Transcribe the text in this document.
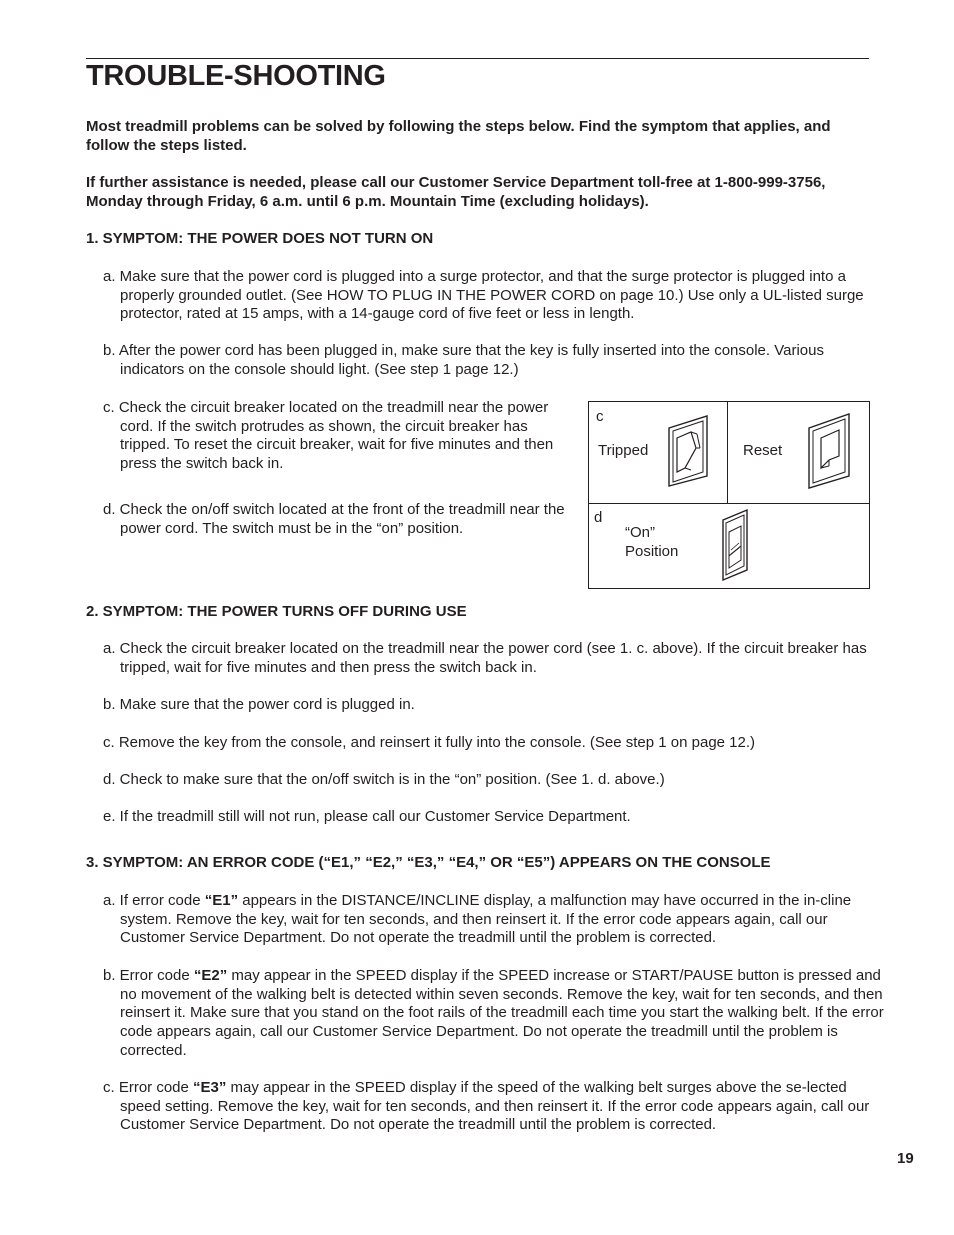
TROUBLE-SHOOTING
Most treadmill problems can be solved by following the steps below. Find the symptom that applies, and follow the steps listed.
If further assistance is needed, please call our Customer Service Department toll-free at 1-800-999-3756, Monday through Friday, 6 a.m. until 6 p.m. Mountain Time (excluding holidays).
1. SYMPTOM: THE POWER DOES NOT TURN ON
a. Make sure that the power cord is plugged into a surge protector, and that the surge protector is plugged into a properly grounded outlet. (See HOW TO PLUG IN THE POWER CORD on page 10.) Use only a UL-listed surge protector, rated at 15 amps, with a 14-gauge cord of five feet or less in length.
b. After the power cord has been plugged in, make sure that the key is fully inserted into the console. Various indicators on the console should light. (See step 1 page 12.)
c. Check the circuit breaker located on the treadmill near the power cord. If the switch protrudes as shown, the circuit breaker has tripped. To reset the circuit breaker, wait for five minutes and then press the switch back in.
d. Check the on/off switch located at the front of the treadmill near the power cord. The switch must be in the “on” position.
c
Tripped	Reset
d
“On”
Position
2. SYMPTOM: THE POWER TURNS OFF DURING USE
a. Check the circuit breaker located on the treadmill near the power cord (see 1. c. above). If the circuit breaker has tripped, wait for five minutes and then press the switch back in.
b. Make sure that the power cord is plugged in.
c. Remove the key from the console, and reinsert it fully into the console. (See step 1 on page 12.)
d. Check to make sure that the on/off switch is in the “on” position. (See 1. d. above.)
e. If the treadmill still will not run, please call our Customer Service Department.
3. SYMPTOM: AN ERROR CODE (“E1,” “E2,” “E3,” “E4,” OR “E5”) APPEARS ON THE CONSOLE
a. If error code “E1” appears in the DISTANCE/INCLINE display, a malfunction may have occurred in the in-cline system. Remove the key, wait for ten seconds, and then reinsert it. If the error code appears again, call our Customer Service Department. Do not operate the treadmill until the problem is corrected.
b. Error code “E2” may appear in the SPEED display if the SPEED increase or START/PAUSE button is pressed and no movement of the walking belt is detected within seven seconds. Remove the key, wait for ten seconds, and then reinsert it. Make sure that you stand on the foot rails of the treadmill each time you start the walking belt. If the error code appears again, call our Customer Service Department. Do not operate the treadmill until the problem is corrected.
c. Error code “E3” may appear in the SPEED display if the speed of the walking belt surges above the se-lected speed setting. Remove the key, wait for ten seconds, and then reinsert it. If the error code appears again, call our Customer Service Department. Do not operate the treadmill until the problem is corrected.
19
